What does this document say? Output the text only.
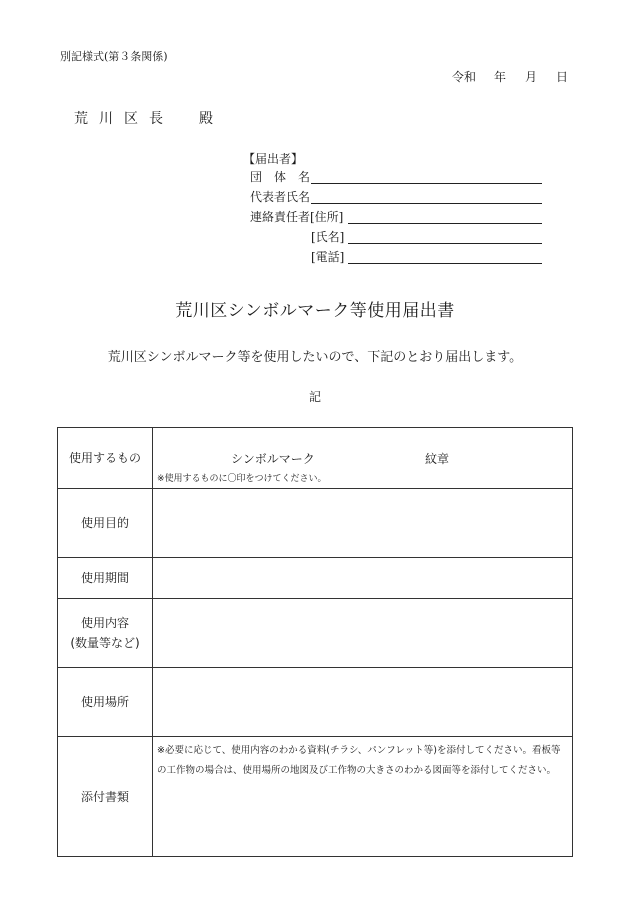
別記様式(第３条関係)
令和 年 月 日
荒川区長　殿
【届出者】
団　体　名
代表者氏名
連絡責任者[住所]
[氏名]
[電話]
荒川区シンボルマーク等使用届出書
荒川区シンボルマーク等を使用したいので、下記のとおり届出します。
記
使用するもの	シンボルマーク 紋章
※使用するものに〇印をつけてください。

使用目的	
使用期間	

使用内容
(数量等など)	

使用場所	
添付書類	※必要に応じて、使用内容のわかる資料(チラシ、パンフレット等)を添付してください。看板等の工作物の場合は、使用場所の地図及び工作物の大きさのわかる図面等を添付してください。
